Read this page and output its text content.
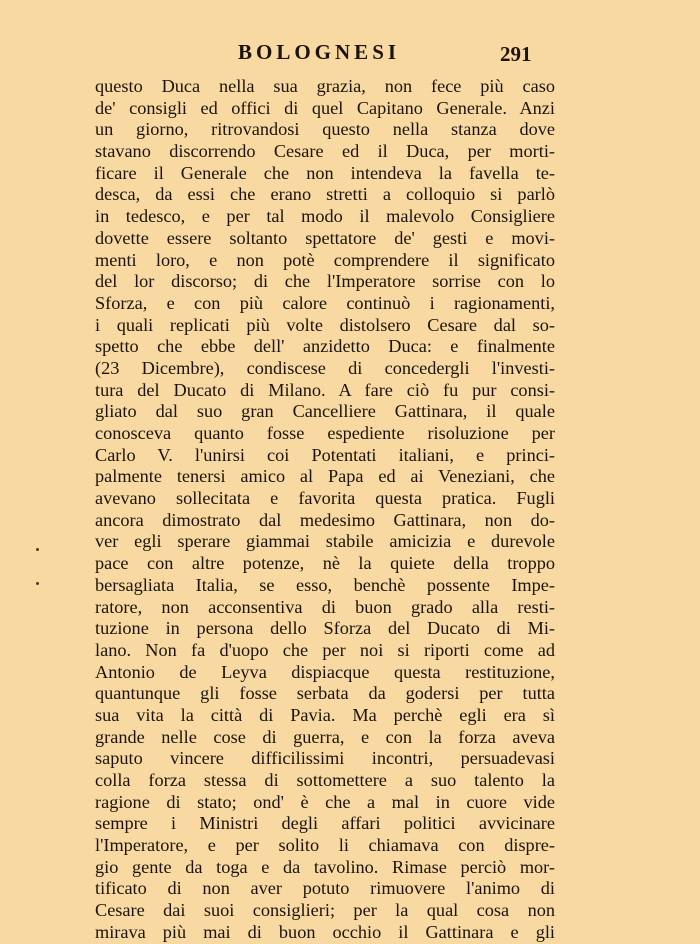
BOLOGNESI	291
questo Duca nella sua grazia, non fece più caso
de' consigli ed offici di quel Capitano Generale. Anzi
un giorno, ritrovandosi questo nella stanza dove
stavano discorrendo Cesare ed il Duca, per morti-
ficare il Generale che non intendeva la favella te-
desca, da essi che erano stretti a colloquio si parlò
in tedesco, e per tal modo il malevolo Consigliere
dovette essere soltanto spettatore de' gesti e movi-
menti loro, e non potè comprendere il significato
del lor discorso; di che l'Imperatore sorrise con lo
Sforza, e con più calore continuò i ragionamenti,
i quali replicati più volte distolsero Cesare dal so-
spetto che ebbe dell' anzidetto Duca: e finalmente
(23 Dicembre), condiscese di concedergli l'investi-
tura del Ducato di Milano. A fare ciò fu pur consi-
gliato dal suo gran Cancelliere Gattinara, il quale
conosceva quanto fosse espediente risoluzione per
Carlo V. l'unirsi coi Potentati italiani, e princi-
palmente tenersi amico al Papa ed ai Veneziani, che
avevano sollecitata e favorita questa pratica. Fugli
ancora dimostrato dal medesimo Gattinara, non do-
ver egli sperare giammai stabile amicizia e durevole
pace con altre potenze, nè la quiete della troppo
bersagliata Italia, se esso, benchè possente Impe-
ratore, non acconsentiva di buon grado alla resti-
tuzione in persona dello Sforza del Ducato di Mi-
lano. Non fa d'uopo che per noi si riporti come ad
Antonio de Leyva dispiacque questa restituzione,
quantunque gli fosse serbata da godersi per tutta
sua vita la città di Pavia. Ma perchè egli era sì
grande nelle cose di guerra, e con la forza aveva
saputo vincere difficilissimi incontri, persuadevasi
colla forza stessa di sottomettere a suo talento la
ragione di stato; ond' è che a mal in cuore vide
sempre i Ministri degli affari politici avvicinare
l'Imperatore, e per solito li chiamava con dispre-
gio gente da toga e da tavolino. Rimase perciò mor-
tificato di non aver potuto rimuovere l'animo di
Cesare dai suoi consiglieri; per la qual cosa non
mirava più mai di buon occhio il Gattinara e gli
